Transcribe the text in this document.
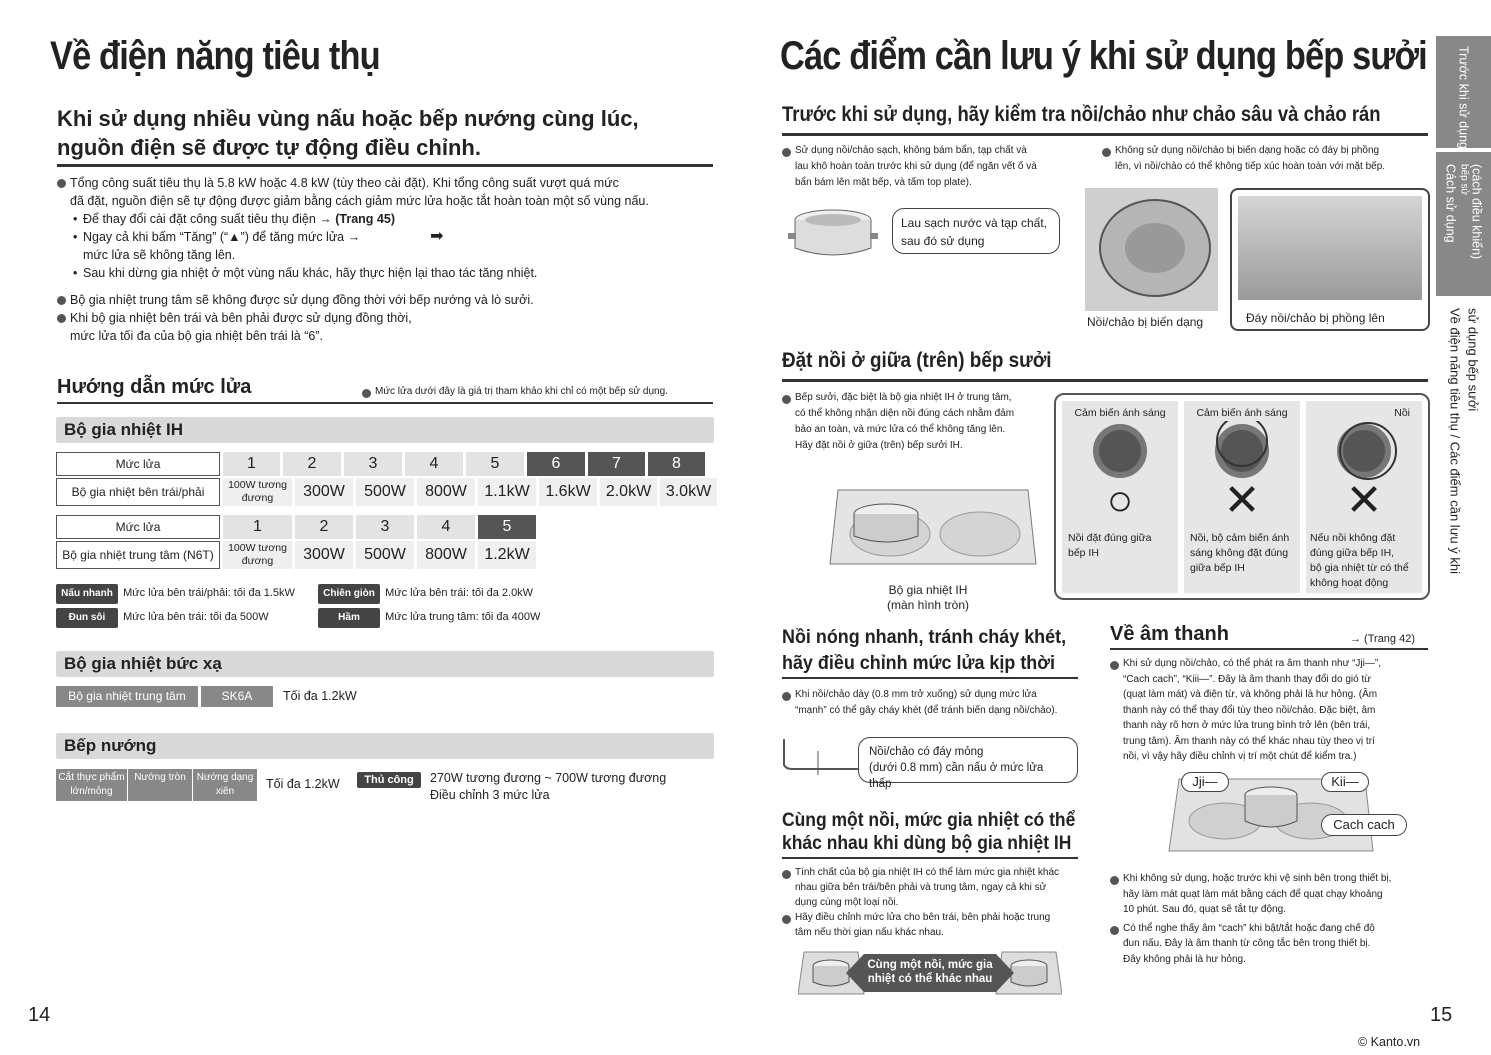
Về điện năng tiêu thụ
Khi sử dụng nhiều vùng nấu hoặc bếp nướng cùng lúc,
nguồn điện sẽ được tự động điều chỉnh.
Tổng công suất tiêu thụ là 5.8 kW hoặc 4.8 kW (tùy theo cài đặt). Khi tổng công suất vượt quá mức
đã đặt, nguồn điện sẽ tự động được giảm bằng cách giảm mức lửa hoặc tắt hoàn toàn một số vùng nấu.
• Để thay đổi cài đặt công suất tiêu thụ điện → (Trang 45)
• Ngay cả khi bấm “Tăng” (“▲”) để tăng mức lửa →	➡
mức lửa sẽ không tăng lên.
• Sau khi dừng gia nhiệt ở một vùng nấu khác, hãy thực hiện lại thao tác tăng nhiệt.
Bộ gia nhiệt trung tâm sẽ không được sử dụng đồng thời với bếp nướng và lò sưởi.
Khi bộ gia nhiệt bên trái và bên phải được sử dụng đồng thời,
mức lửa tối đa của bộ gia nhiệt bên trái là “6”.
Hướng dẫn mức lửa	Mức lửa dưới đây là giá trị tham khảo khi chỉ có một bếp sử dụng.
Bộ gia nhiệt IH
Mức lửa	1	2	3	4	5	6	7	8
Bộ gia nhiệt bên trái/phải	100W tương đương	300W	500W	800W	1.1kW 1.6kW 2.0kW 3.0kW
Mức lửa	1	2	3	4	5
Bộ gia nhiệt trung tâm (N6T)	100W tương đương	300W	500W	800W	1.2kW
Nấu nhanh Mức lửa bên trái/phải: tối đa 1.5kW	Chiên giòn Mức lửa bên trái: tối đa 2.0kW
Đun sôi Mức lửa bên trái: tối đa 500W	Hầm Mức lửa trung tâm: tối đa 400W
Bộ gia nhiệt bức xạ
Bộ gia nhiệt trung tâm	SK6A	Tối đa 1.2kW
Bếp nướng
Cắt thực phẩm lớn/mỏng
Nướng tròn	Nướng dạng xiên
Tối đa 1.2kW	Thủ công	270W tương đương ~ 700W tương đương
Điều chỉnh 3 mức lửa
14
Các điểm cần lưu ý khi sử dụng bếp sưởi
Trước khi sử dụng, hãy kiểm tra nồi/chảo như chảo sâu và chảo rán
Sử dụng nồi/chảo sạch, không bám bẩn, tạp chất và
lau khô hoàn toàn trước khi sử dụng (để ngăn vết ố và
bẩn bám lên mặt bếp, và tấm top plate).
Không sử dụng nồi/chảo bị biến dạng hoặc có đáy bị phồng
lên, vì nồi/chảo có thể không tiếp xúc hoàn toàn với mặt bếp.
Lau sạch nước và tạp chất,
sau đó sử dụng
Nồi/chảo bị biến dạng	Đáy nồi/chảo bị phồng lên
Đặt nồi ở giữa (trên) bếp sưởi
Bếp sưởi, đặc biệt là bộ gia nhiệt IH ở trung tâm,
có thể không nhận diện nồi đúng cách nhằm đảm
bảo an toàn, và mức lửa có thể không tăng lên.
Hãy đặt nồi ở giữa (trên) bếp sưởi IH.
Bộ gia nhiệt IH
(màn hình tròn)
Cảm biến ánh sáng
○
Nồi đặt đúng giữa
bếp IH
Cảm biến ánh sáng
✕
Nồi, bộ cảm biến ánh
sáng không đặt đúng
giữa bếp IH
Nồi
✕
Nếu nồi không đặt
đúng giữa bếp IH,
bộ gia nhiệt từ có thể
không hoạt động
Nồi nóng nhanh, tránh cháy khét,
hãy điều chỉnh mức lửa kịp thời
Khi nồi/chảo dày (0.8 mm trở xuống) sử dụng mức lửa
“mạnh” có thể gây cháy khét (để tránh biến dạng nồi/chảo).
Nồi/chảo có đáy mỏng
(dưới 0.8 mm) cần nấu ở mức lửa thấp
Cùng một nồi, mức gia nhiệt có thể
khác nhau khi dùng bộ gia nhiệt IH
Tính chất của bộ gia nhiệt IH có thể làm mức gia nhiệt khác
nhau giữa bên trái/bên phải và trung tâm, ngay cả khi sử
dụng cùng một loại nồi.
Hãy điều chỉnh mức lửa cho bên trái, bên phải hoặc trung
tâm nếu thời gian nấu khác nhau.
Cùng một nồi, mức gia
nhiệt có thể khác nhau
Về âm thanh	→ (Trang 42)
Khi sử dụng nồi/chảo, có thể phát ra âm thanh như “Jji—”,
“Cach cach”, “Kiii—”. Đây là âm thanh thay đổi do gió từ
(quạt làm mát) và điện từ, và không phải là hư hỏng. (Âm
thanh này có thể thay đổi tùy theo nồi/chảo. Đặc biệt, âm
thanh này rõ hơn ở mức lửa trung bình trở lên (bên trái,
trung tâm). Âm thanh này có thể khác nhau tùy theo vị trí
nồi, vì vậy hãy điều chỉnh vị trí một chút để kiểm tra.)
Jji—	Kii—
Cach cach
Khi không sử dụng, hoặc trước khi vệ sinh bên trong thiết bị,
hãy làm mát quạt làm mát bằng cách để quạt chạy khoảng
10 phút. Sau đó, quạt sẽ tắt tự động.
Có thể nghe thấy âm “cach” khi bật/tắt hoặc đang chế độ
đun nấu. Đây là âm thanh từ công tắc bên trong thiết bị.
Đây không phải là hư hỏng.
15
© Kanto.vn
Trước khi sử dụng
Cách sử dụng bếp sử (cách điều khiển)
Về điện năng tiêu thụ / Các điểm cần lưu ý khi sử dụng bếp sưởi
